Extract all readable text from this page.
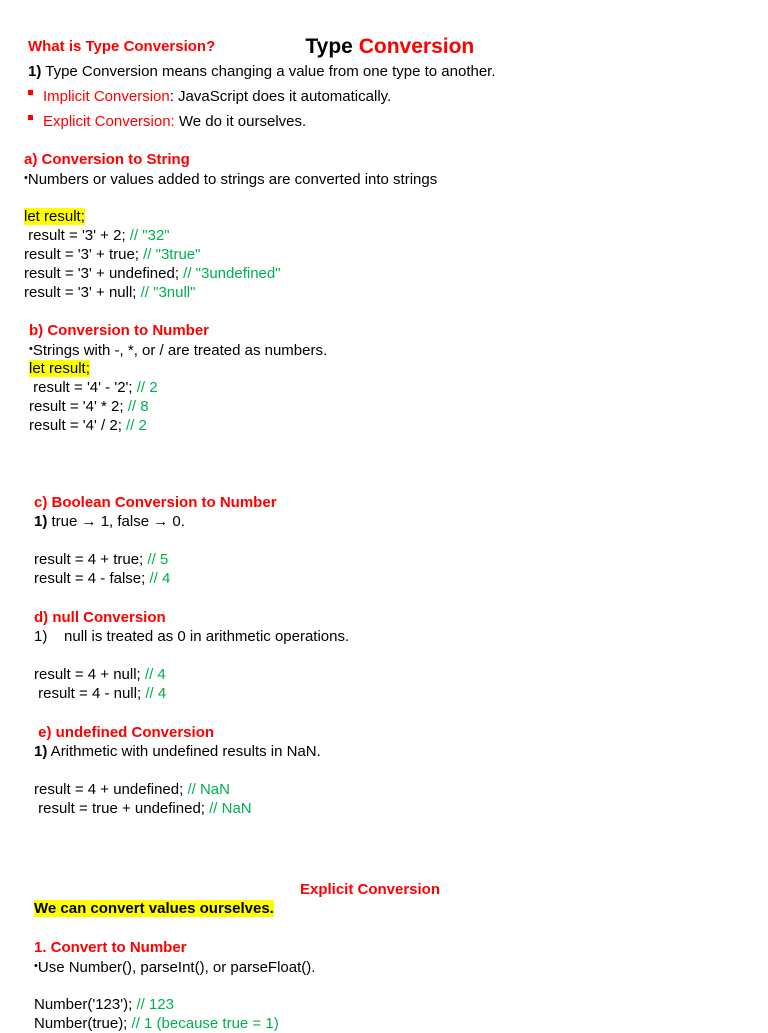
Type Conversion

What is Type Conversion?
1) Type Conversion means changing a value from one type to another.
Implicit Conversion: JavaScript does it automatically.
Explicit Conversion: We do it ourselves.
a) Conversion to String
•Numbers or values added to strings are converted into strings
let result;
result = '3' + 2; // "32"
result = '3' + true; // "3true"
result = '3' + undefined; // "3undefined"
result = '3' + null; // "3null"
b) Conversion to Number
•Strings with -, *, or / are treated as numbers.
let result;
result = '4' - '2'; // 2
result = '4' * 2; // 8
result = '4' / 2; // 2
c) Boolean Conversion to Number
1) true → 1, false → 0.
result = 4 + true; // 5
result = 4 - false; // 4
d) null Conversion
1)    null is treated as 0 in arithmetic operations.
result = 4 + null; // 4
result = 4 - null; // 4
e) undefined Conversion
1) Arithmetic with undefined results in NaN.
result = 4 + undefined; // NaN
result = true + undefined; // NaN
Explicit Conversion
We can convert values ourselves.
1. Convert to Number
•Use Number(), parseInt(), or parseFloat().
Number('123'); // 123
Number(true); // 1 (because true = 1)
